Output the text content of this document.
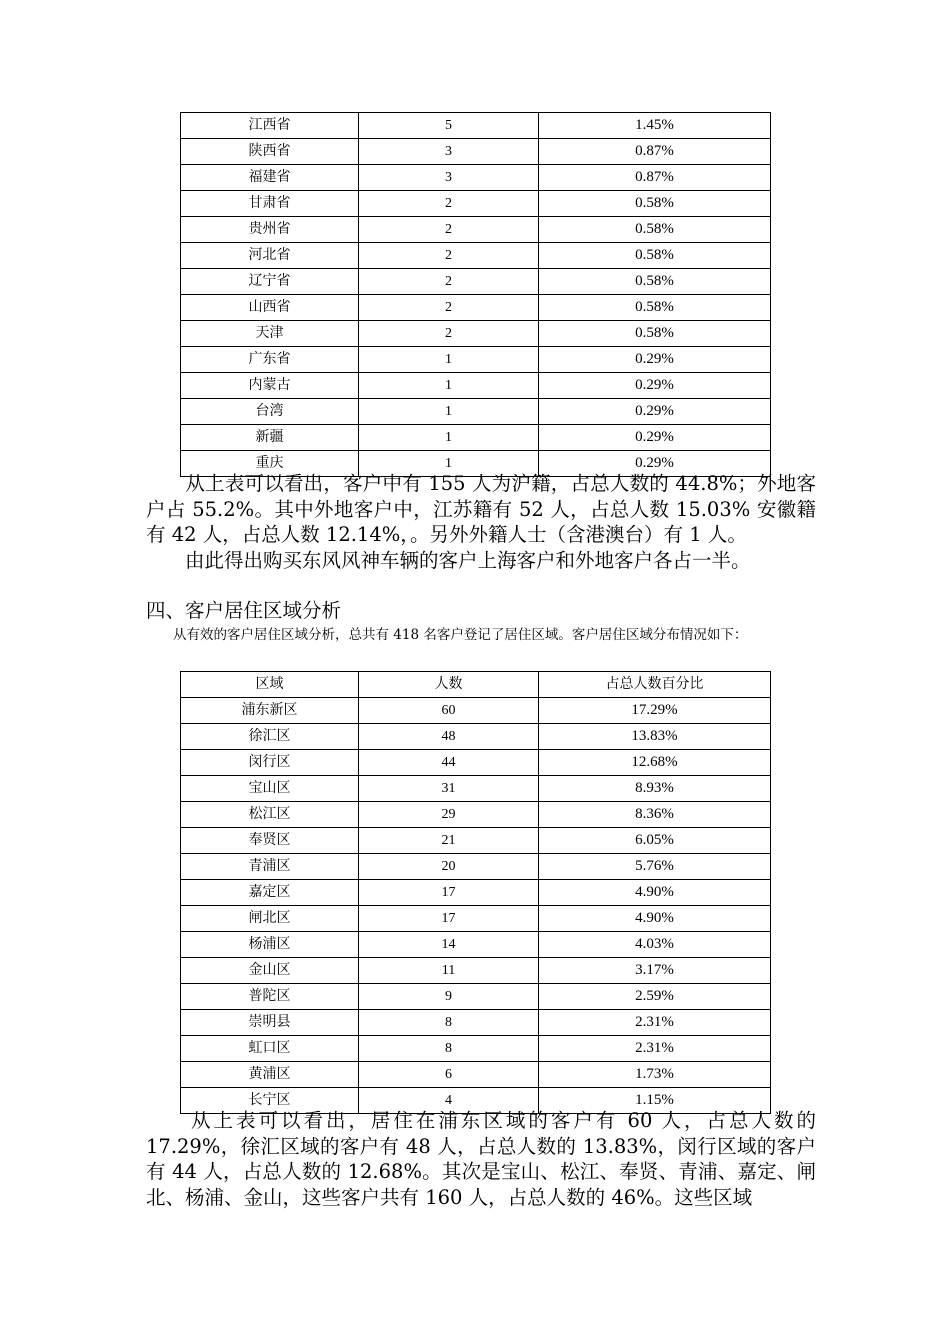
江西省	5	1.45%
陕西省	3	0.87%
福建省	3	0.87%
甘肃省	2	0.58%
贵州省	2	0.58%
河北省	2	0.58%
辽宁省	2	0.58%
山西省	2	0.58%
天津	2	0.58%
广东省	1	0.29%
内蒙古	1	0.29%
台湾	1	0.29%
新疆	1	0.29%
重庆	1	0.29%

　　从上表可以看出，客户中有 155 人为沪籍，占总人数的 44.8%；外地客户占 55.2%。其中外地客户中，江苏籍有 52 人，占总人数 15.03% 安徽籍有 42 人，占总人数 12.14%，。另外外籍人士（含港澳台）有 1 人。

　　由此得出购买东风风神车辆的客户上海客户和外地客户各占一半。

四、客户居住区域分析

　　从有效的客户居住区域分析，总共有 418 名客户登记了居住区域。客户居住区域分布情况如下：

区域	人数	占总人数百分比
浦东新区	60	17.29%
徐汇区	48	13.83%
闵行区	44	12.68%
宝山区	31	8.93%
松江区	29	8.36%
奉贤区	21	6.05%
青浦区	20	5.76%
嘉定区	17	4.90%
闸北区	17	4.90%
杨浦区	14	4.03%
金山区	11	3.17%
普陀区	9	2.59%
崇明县	8	2.31%
虹口区	8	2.31%
黄浦区	6	1.73%
长宁区	4	1.15%

　　从上表可以看出，居住在浦东区域的客户有 60 人，占总人数的 17.29%，徐汇区域的客户有 48 人，占总人数的 13.83%，闵行区域的客户有 44 人，占总人数的 12.68%。其次是宝山、松江、奉贤、青浦、嘉定、闸北、杨浦、金山，这些客户共有 160 人，占总人数的 46%。这些区域
